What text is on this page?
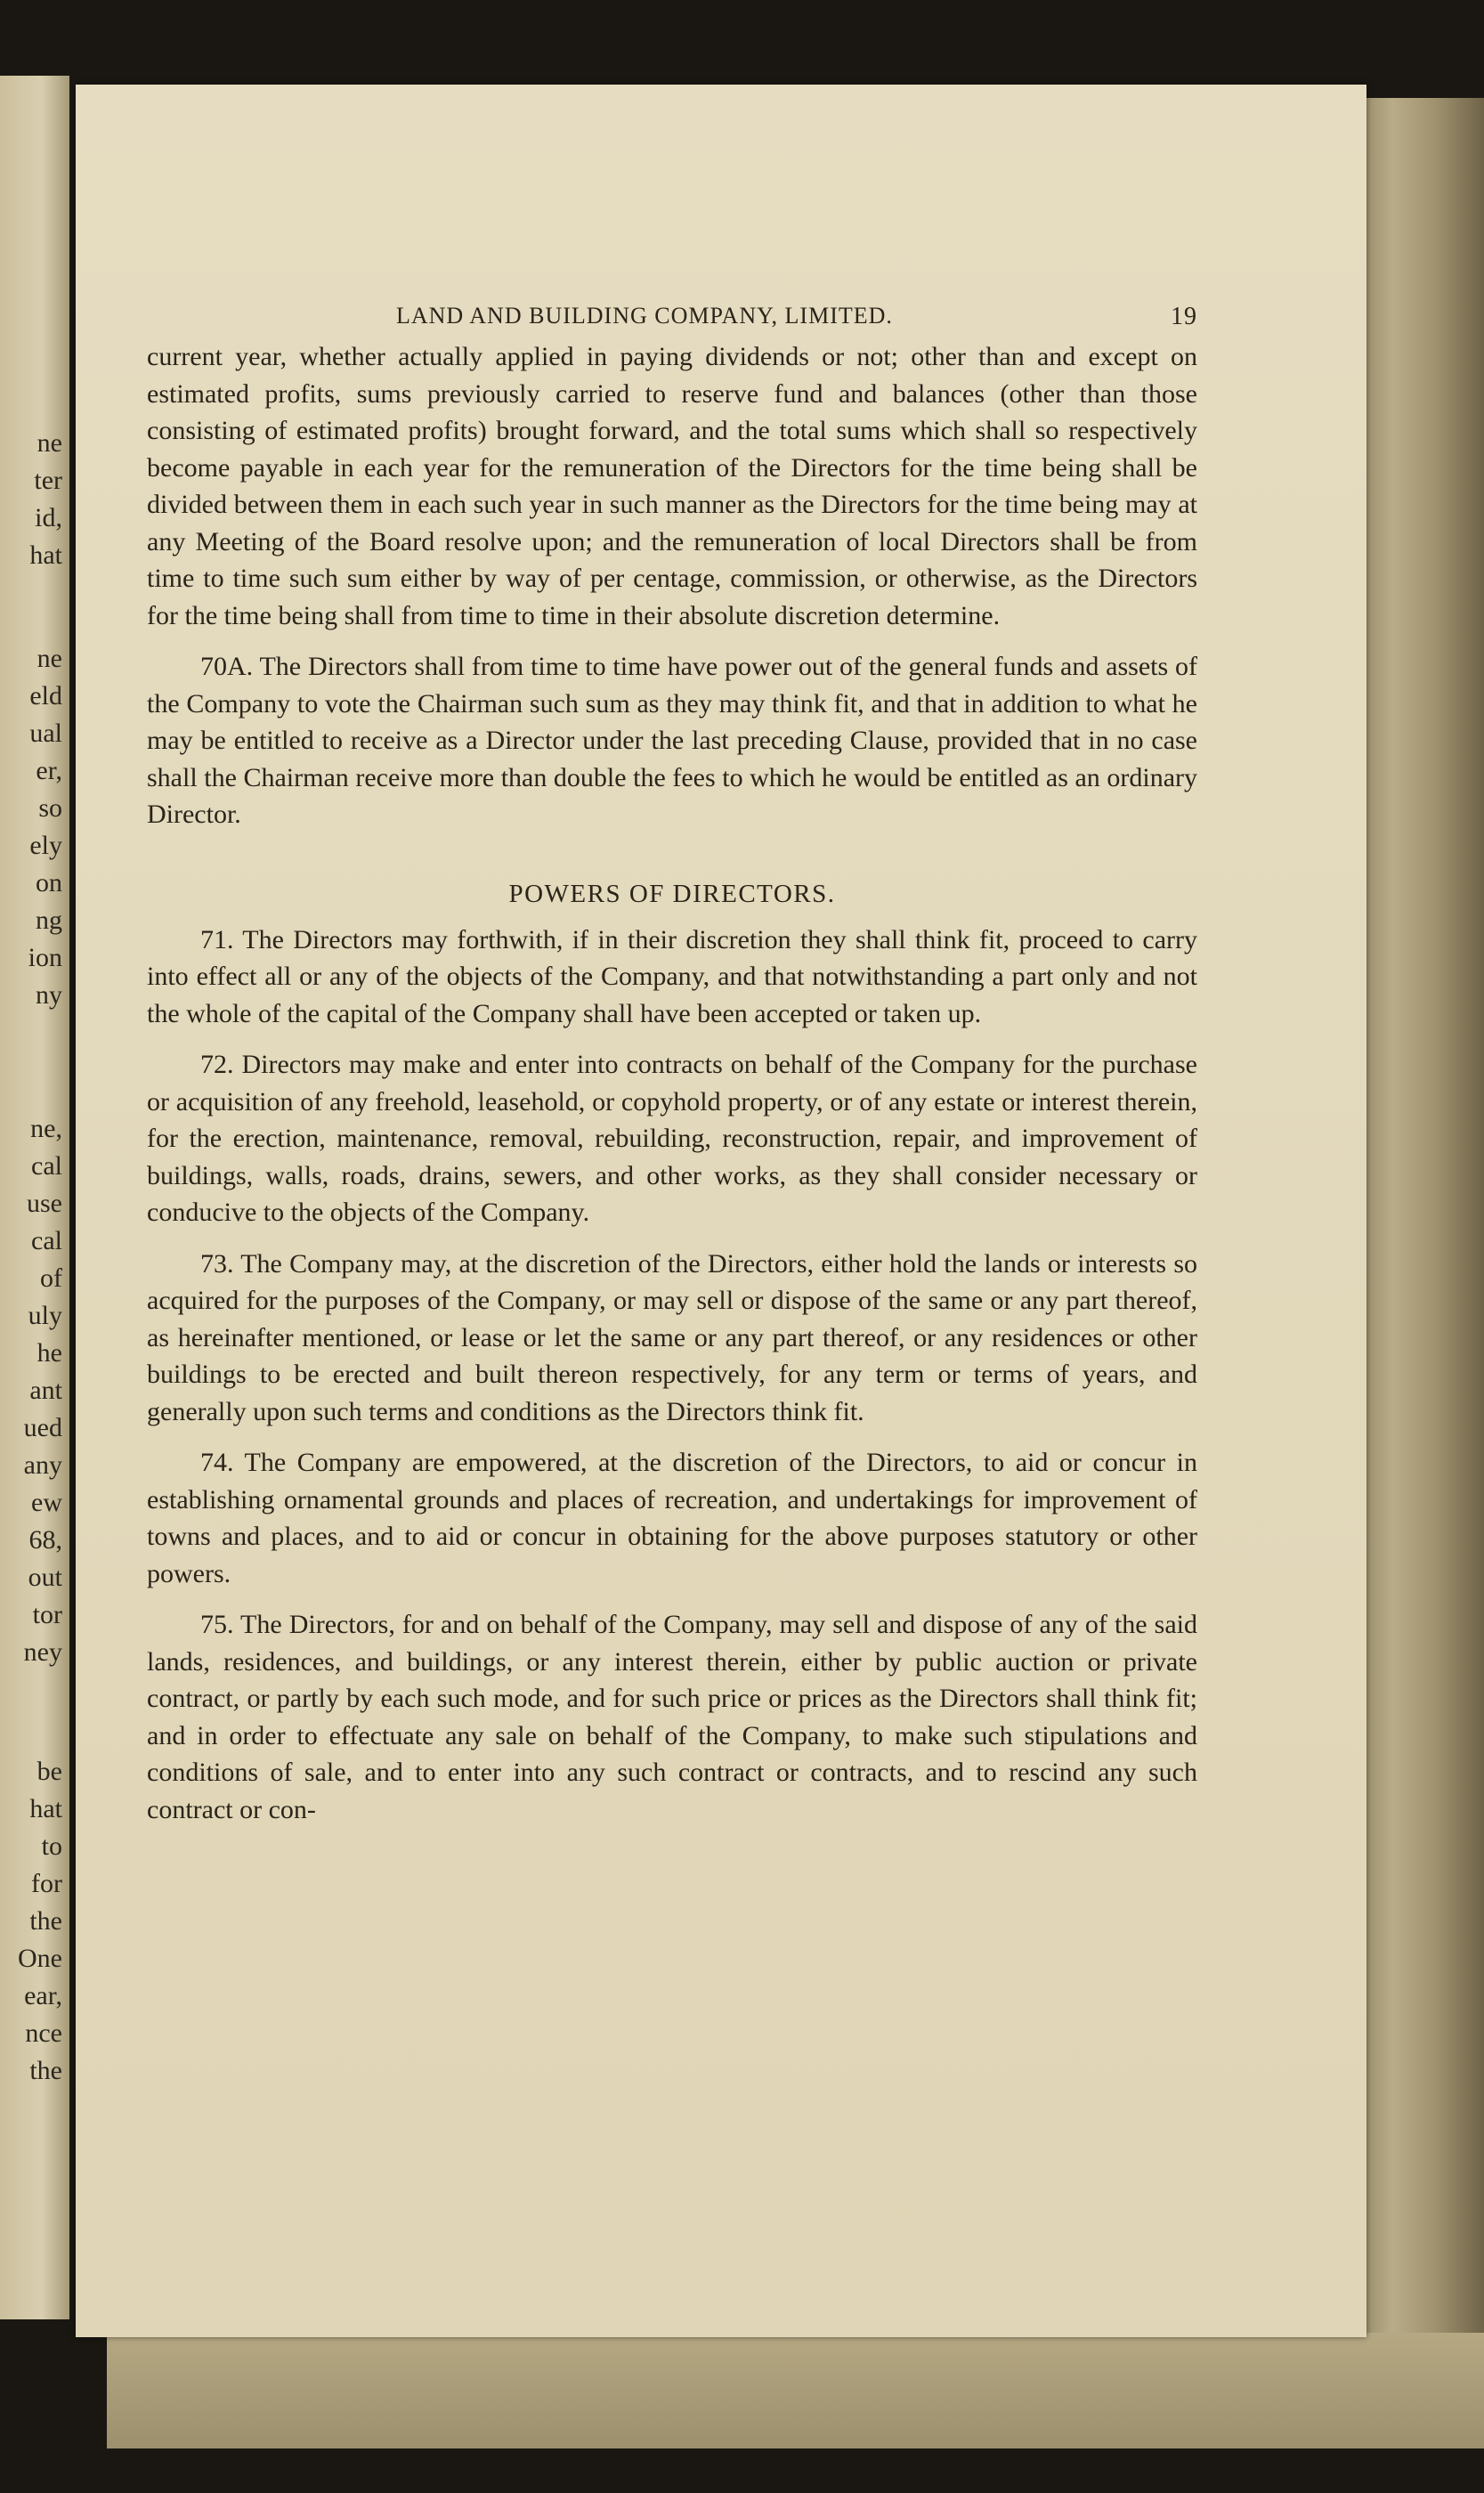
ne
ter
id,
hat
ne
eld
ual
er,
so
ely
on
ng
ion
ny
ne,
cal
use
cal
of
uly
he
ant
ued
any
ew
68,
out
tor
ney
be
hat
to
for
the
One
ear,
nce
the
LAND AND BUILDING COMPANY, LIMITED.	19

current year, whether actually applied in paying dividends or not; other than and except on estimated profits, sums previously carried to reserve fund and balances (other than those consisting of estimated profits) brought forward, and the total sums which shall so respectively become payable in each year for the remuneration of the Directors for the time being shall be divided between them in each such year in such manner as the Directors for the time being may at any Meeting of the Board resolve upon; and the remuneration of local Directors shall be from time to time such sum either by way of per centage, commission, or otherwise, as the Directors for the time being shall from time to time in their absolute discretion determine.

70A. The Directors shall from time to time have power out of the general funds and assets of the Company to vote the Chairman such sum as they may think fit, and that in addition to what he may be entitled to receive as a Director under the last preceding Clause, provided that in no case shall the Chairman receive more than double the fees to which he would be entitled as an ordinary Director.

POWERS OF DIRECTORS.

71. The Directors may forthwith, if in their discretion they shall think fit, proceed to carry into effect all or any of the objects of the Company, and that notwithstanding a part only and not the whole of the capital of the Company shall have been accepted or taken up.

72. Directors may make and enter into contracts on behalf of the Company for the purchase or acquisition of any freehold, leasehold, or copyhold property, or of any estate or interest therein, for the erection, maintenance, removal, rebuilding, reconstruction, repair, and improvement of buildings, walls, roads, drains, sewers, and other works, as they shall consider necessary or conducive to the objects of the Company.

73. The Company may, at the discretion of the Directors, either hold the lands or interests so acquired for the purposes of the Company, or may sell or dispose of the same or any part thereof, as hereinafter mentioned, or lease or let the same or any part thereof, or any residences or other buildings to be erected and built thereon respectively, for any term or terms of years, and generally upon such terms and conditions as the Directors think fit.

74. The Company are empowered, at the discretion of the Directors, to aid or concur in establishing ornamental grounds and places of recreation, and undertakings for improvement of towns and places, and to aid or concur in obtaining for the above purposes statutory or other powers.

75. The Directors, for and on behalf of the Company, may sell and dispose of any of the said lands, residences, and buildings, or any interest therein, either by public auction or private contract, or partly by each such mode, and for such price or prices as the Directors shall think fit; and in order to effectuate any sale on behalf of the Company, to make such stipulations and conditions of sale, and to enter into any such contract or contracts, and to rescind any such contract or con-
